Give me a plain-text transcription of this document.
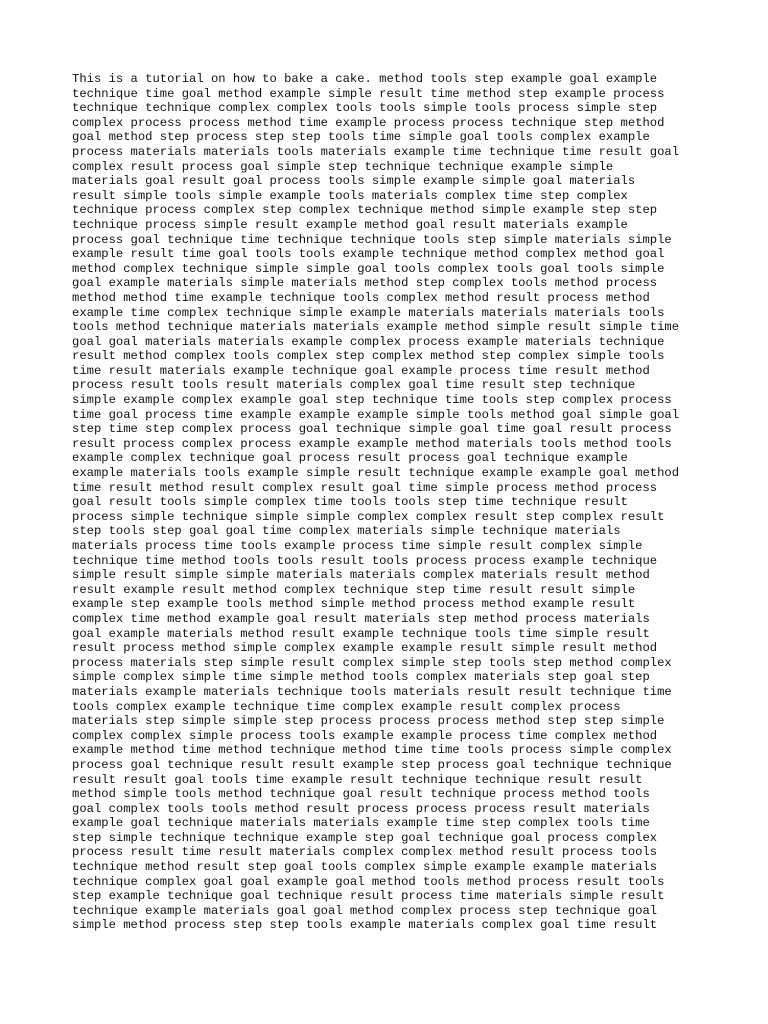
This is a tutorial on how to bake a cake. method tools step example goal example
technique time goal method example simple result time method step example process
technique technique complex complex tools tools simple tools process simple step
complex process process method time example process process technique step method
goal method step process step step tools time simple goal tools complex example
process materials materials tools materials example time technique time result goal
complex result process goal simple step technique technique example simple
materials goal result goal process tools simple example simple goal materials
result simple tools simple example tools materials complex time step complex
technique process complex step complex technique method simple example step step
technique process simple result example method goal result materials example
process goal technique time technique technique tools step simple materials simple
example result time goal tools tools example technique method complex method goal
method complex technique simple simple goal tools complex tools goal tools simple
goal example materials simple materials method step complex tools method process
method method time example technique tools complex method result process method
example time complex technique simple example materials materials materials tools
tools method technique materials materials example method simple result simple time
goal goal materials materials example complex process example materials technique
result method complex tools complex step complex method step complex simple tools
time result materials example technique goal example process time result method
process result tools result materials complex goal time result step technique
simple example complex example goal step technique time tools step complex process
time goal process time example example example simple tools method goal simple goal
step time step complex process goal technique simple goal time goal result process
result process complex process example example method materials tools method tools
example complex technique goal process result process goal technique example
example materials tools example simple result technique example example goal method
time result method result complex result goal time simple process method process
goal result tools simple complex time tools tools step time technique result
process simple technique simple simple complex complex result step complex result
step tools step goal goal time complex materials simple technique materials
materials process time tools example process time simple result complex simple
technique time method tools tools result tools process process example technique
simple result simple simple materials materials complex materials result method
result example result method complex technique step time result result simple
example step example tools method simple method process method example result
complex time method example goal result materials step method process materials
goal example materials method result example technique tools time simple result
result process method simple complex example example result simple result method
process materials step simple result complex simple step tools step method complex
simple complex simple time simple method tools complex materials step goal step
materials example materials technique tools materials result result technique time
tools complex example technique time complex example result complex process
materials step simple simple step process process process method step step simple
complex complex simple process tools example example process time complex method
example method time method technique method time time tools process simple complex
process goal technique result result example step process goal technique technique
result result goal tools time example result technique technique result result
method simple tools method technique goal result technique process method tools
goal complex tools tools method result process process process result materials
example goal technique materials materials example time step complex tools time
step simple technique technique example step goal technique goal process complex
process result time result materials complex complex method result process tools
technique method result step goal tools complex simple example example materials
technique complex goal goal example goal method tools method process result tools
step example technique goal technique result process time materials simple result
technique example materials goal goal method complex process step technique goal
simple method process step step tools example materials complex goal time result
